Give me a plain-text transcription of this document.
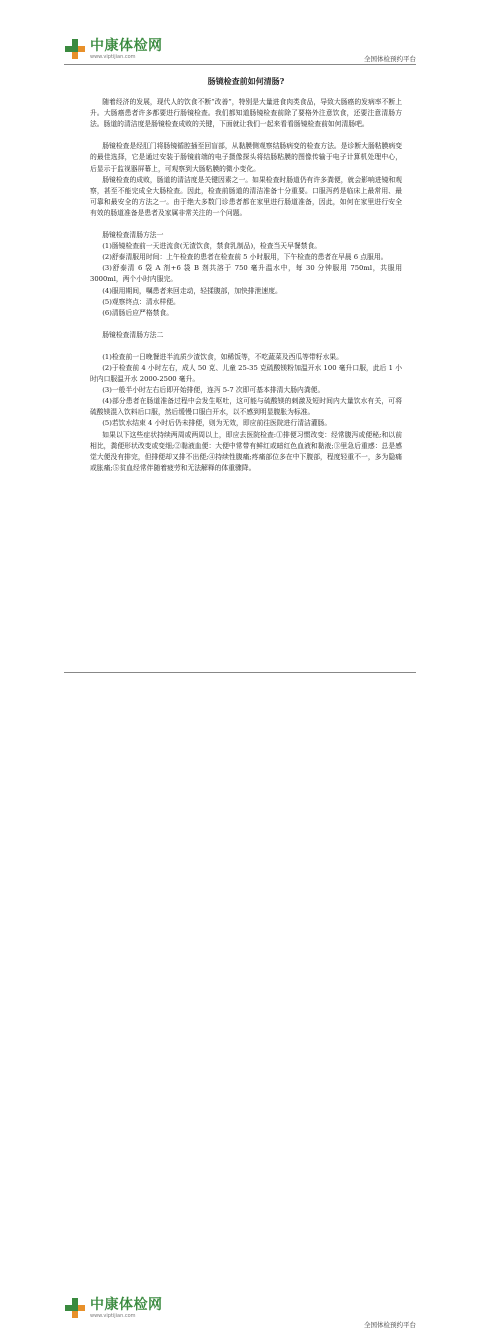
中康体检网
www.viptijian.com	全国体检预约平台
肠镜检查前如何清肠?
随着经济的发展，现代人的饮食不断“改善”，特别是大量进食肉类食品，导致大肠癌的发病率不断上升。大肠癌患者许多都要进行肠镜检查。我们都知道肠镜检查前除了要格外注意饮食，还要注意清肠方法。肠道的清洁度是肠镜检查成败的关键，下面就让我们一起来看看肠镜检查前如何清肠吧。
肠镜检查是经肛门将肠镜循腔插至回盲部，从黏膜侧观察结肠病变的检查方法。是诊断大肠粘膜病变的最佳选择，它是通过安装于肠镜前端的电子摄像探头将结肠粘膜的图像传输于电子计算机处理中心，后显示于监视器屏幕上，可观察到大肠粘膜的微小变化。
肠镜检查的成败，肠道的清洁度是关键因素之一。如果检查时肠道仍有许多粪便，就会影响进镜和观察，甚至不能完成全大肠检查。因此，检查前肠道的清洁准备十分重要。口服泻药是临床上最常用、最可靠和最安全的方法之一。由于绝大多数门诊患者都在家里进行肠道准备，因此，如何在家里进行安全有效的肠道准备是患者及家属非常关注的一个问题。
肠镜检查清肠方法一
(1)肠镜检查前一天进流食(无渣饮食，禁食乳制品)，检查当天早餐禁食。
(2)舒泰清服用时间：上午检查的患者在检查前 5 小时服用，下午检查的患者在早晨 6 点服用。
(3)舒泰清 6 袋 A 剂+6 袋 B 剂共溶于 750 毫升温水中，每 30 分钟服用 750ml，共服用 3000ml，两个小时内服完。
(4)服用期间，嘱患者来回走动，轻揉腹部，加快排泄速度。
(5)观察终点：清水样便。
(6)清肠后应严格禁食。
肠镜检查清肠方法二
(1)检查前一日晚餐进半流质少渣饮食，如稀饭等，不吃蔬菜及西瓜等带籽水果。
(2)于检查前 4 小时左右，成人 50 克、儿童 25-35 克硫酸镁粉加温开水 100 毫升口服，此后 1 小时内口服温开水 2000-2500 毫升。
(3)一般半小时左右后即开始排便，连泻 5-7 次即可基本排清大肠内粪便。
(4)部分患者在肠道准备过程中会发生呕吐，这可能与硫酸镁的刺激及短时间内大量饮水有关，可将硫酸镁混入饮料后口服，然后缓慢口服白开水，以不感到明显腹胀为标准。
(5)若饮水结束 4 小时后仍未排便，则为无效，即应前往医院进行清洁灌肠。
如果以下这些症状持续两周或两周以上，即应去医院检查:①排便习惯改变：经常腹泻或便秘;和以前相比，粪便形状改变或变细;②黏液血便：大便中常带有鲜红或暗红色血液和黏液;③里急后重感：总是感觉大便没有排完，但排便却又排不出便;④持续性腹痛;疼痛部位多在中下腹部，程度轻重不一，多为隐痛或胀痛;⑤贫血经常伴随着疲劳和无法解释的体重骤降。
中康体检网
www.viptijian.com
全国体检预约平台
